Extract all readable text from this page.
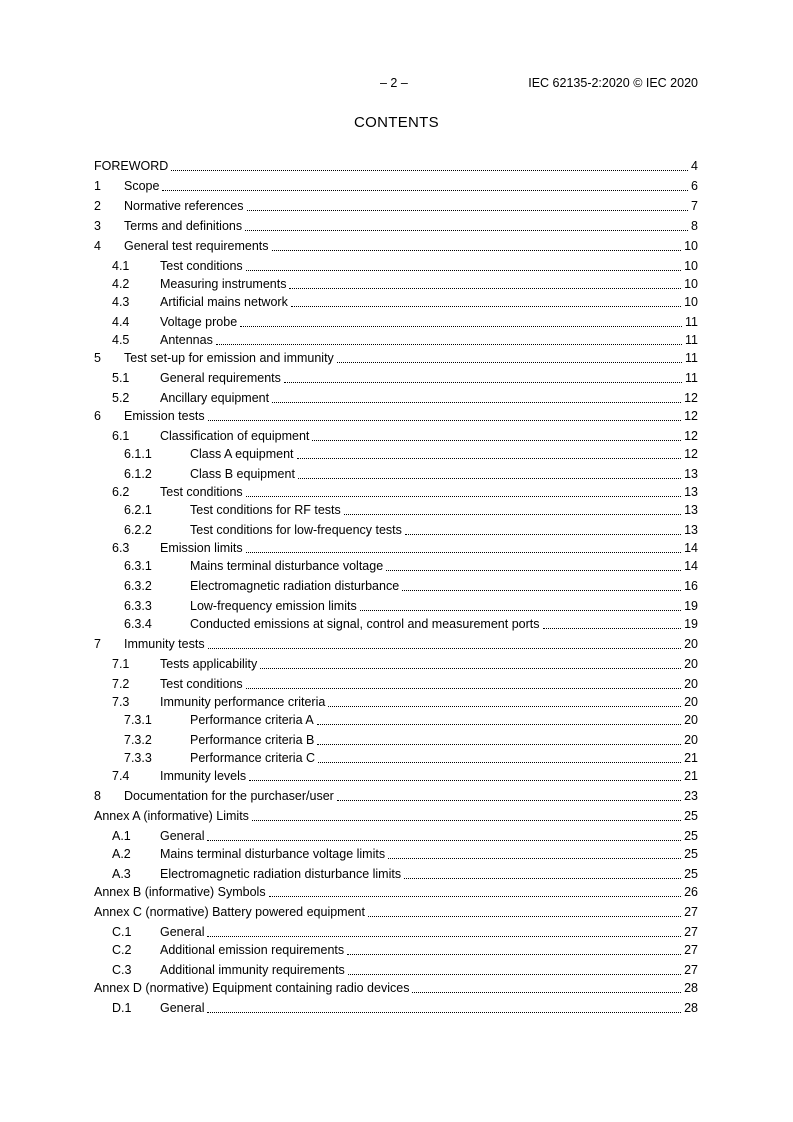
– 2 –	IEC 62135-2:2020 © IEC 2020
CONTENTS
FOREWORD	4
1	Scope	6
2	Normative references	7
3	Terms and definitions	8
4	General test requirements	10
4.1	Test conditions	10
4.2	Measuring instruments	10
4.3	Artificial mains network	10
4.4	Voltage probe	11
4.5	Antennas	11
5	Test set-up for emission and immunity	11
5.1	General requirements	11
5.2	Ancillary equipment	12
6	Emission tests	12
6.1	Classification of equipment	12
6.1.1	Class A equipment	12
6.1.2	Class B equipment	13
6.2	Test conditions	13
6.2.1	Test conditions for RF tests	13
6.2.2	Test conditions for low-frequency tests	13
6.3	Emission limits	14
6.3.1	Mains terminal disturbance voltage	14
6.3.2	Electromagnetic radiation disturbance	16
6.3.3	Low-frequency emission limits	19
6.3.4	Conducted emissions at signal, control and measurement ports	19
7	Immunity tests	20
7.1	Tests applicability	20
7.2	Test conditions	20
7.3	Immunity performance criteria	20
7.3.1	Performance criteria A	20
7.3.2	Performance criteria B	20
7.3.3	Performance criteria C	21
7.4	Immunity levels	21
8	Documentation for the purchaser/user	23
Annex A (informative) Limits	25
A.1	General	25
A.2	Mains terminal disturbance voltage limits	25
A.3	Electromagnetic radiation disturbance limits	25
Annex B (informative) Symbols	26
Annex C (normative) Battery powered equipment	27
C.1	General	27
C.2	Additional emission requirements	27
C.3	Additional immunity requirements	27
Annex D (normative) Equipment containing radio devices	28
D.1	General	28
